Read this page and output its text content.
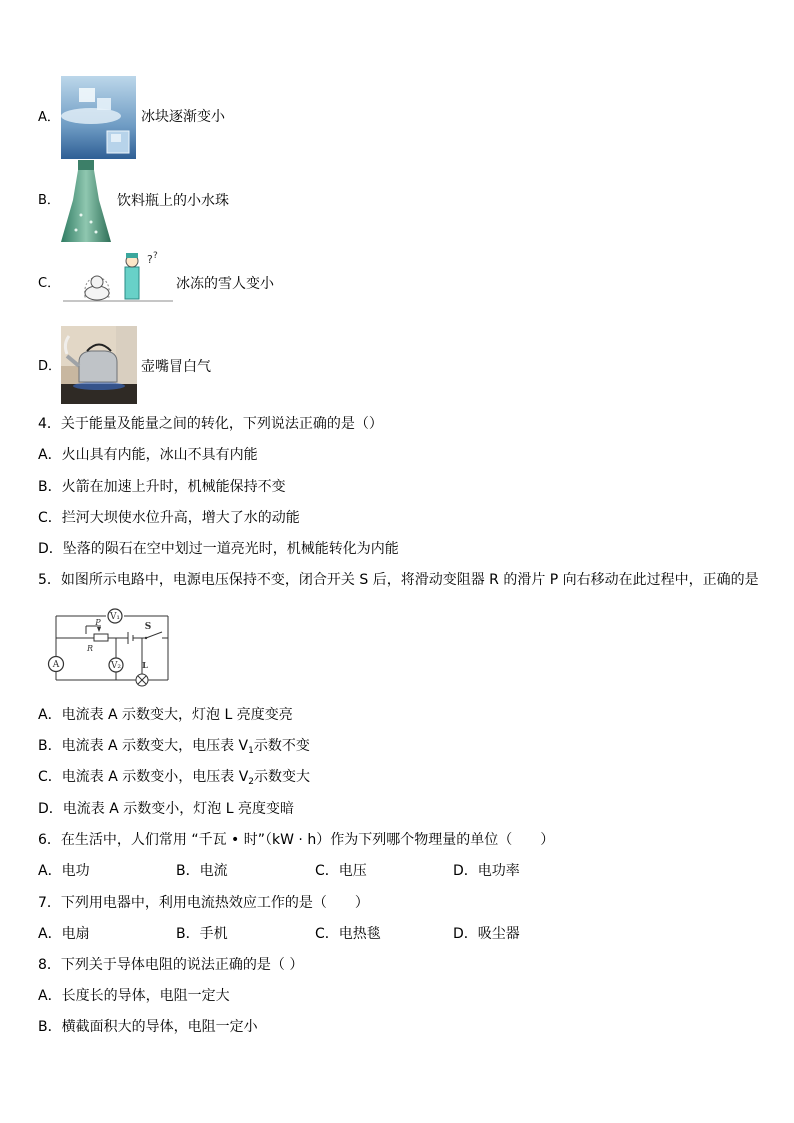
A．	冰块逐渐变小
B．	饮料瓶上的小水珠
C．
? ?
冰冻的雪人变小
D．	壶嘴冒白气
4．关于能量及能量之间的转化，下列说法正确的是（）
A．火山具有内能，冰山不具有内能
B．火箭在加速上升时，机械能保持不变
C．拦河大坝使水位升高，增大了水的动能
D．坠落的陨石在空中划过一道亮光时，机械能转化为内能
5．如图所示电路中，电源电压保持不变，闭合开关 S 后，将滑动变阻器 R 的滑片 P 向右移动在此过程中，正确的是
V₁
A	V₂
S
P
R
L
A．电流表 A 示数变大，灯泡 L 亮度变亮
B．电流表 A 示数变大，电压表 $V_1$示数不变
C．电流表 A 示数变小，电压表 $V_2$示数变大
D．电流表 A 示数变小，灯泡 L 亮度变暗
6．在生活中，人们常用 “千瓦 • 时”（kW · h）作为下列哪个物理量的单位（　　）
A．电功	B．电流	C．电压	D．电功率
7．下列用电器中，利用电流热效应工作的是（　　）
A．电扇	B．手机	C．电热毯	D．吸尘器
8．下列关于导体电阻的说法正确的是（ ）
A．长度长的导体，电阻一定大
B．横截面积大的导体，电阻一定小
